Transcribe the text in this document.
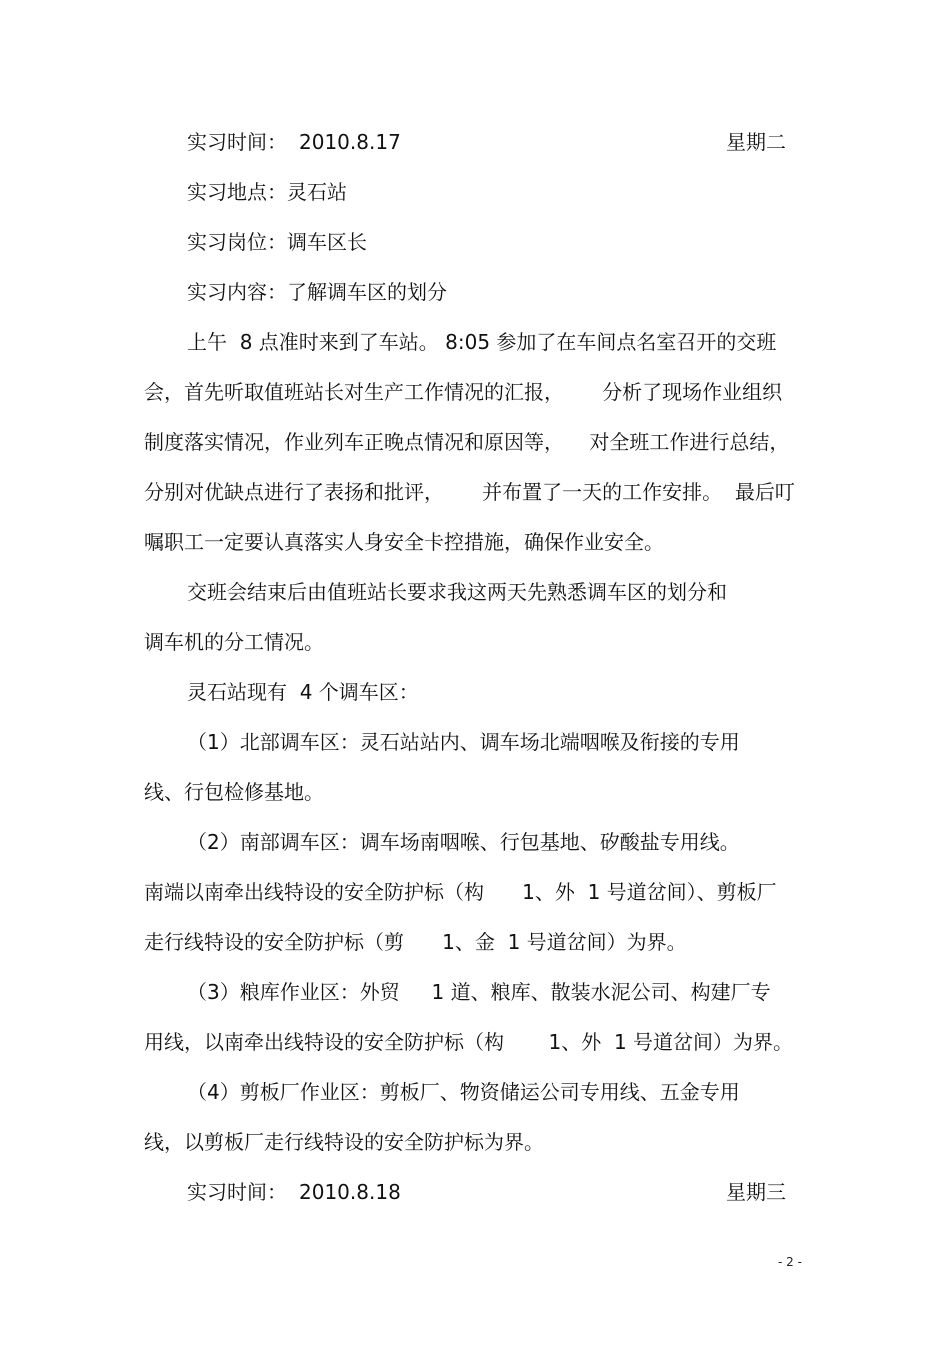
实习时间： 2010.8.17	星期二
实习地点：灵石站
实习岗位：调车区长
实习内容：了解调车区的划分
上午  8 点准时来到了车站。 8:05 参加了在车间点名室召开的交班
会，首先听取值班站长对生产工作情况的汇报，      分析了现场作业组织
制度落实情况，作业列车正晚点情况和原因等，    对全班工作进行总结，
分别对优缺点进行了表扬和批评，      并布置了一天的工作安排。  最后叮
嘱职工一定要认真落实人身安全卡控措施，确保作业安全。
交班会结束后由值班站长要求我这两天先熟悉调车区的划分和
调车机的分工情况。
灵石站现有  4 个调车区：
（1）北部调车区：灵石站站内、调车场北端咽喉及衔接的专用
线、行包检修基地。
（2）南部调车区：调车场南咽喉、行包基地、矽酸盐专用线。
南端以南牵出线特设的安全防护标（构      1、外  1 号道岔间）、剪板厂
走行线特设的安全防护标（剪      1、金  1 号道岔间）为界。
（3）粮库作业区：外贸     1 道、粮库、散装水泥公司、构建厂专
用线，以南牵出线特设的安全防护标（构       1、外  1 号道岔间）为界。
（4）剪板厂作业区：剪板厂、物资储运公司专用线、五金专用
线，以剪板厂走行线特设的安全防护标为界。
实习时间： 2010.8.18	星期三
- 2 -
